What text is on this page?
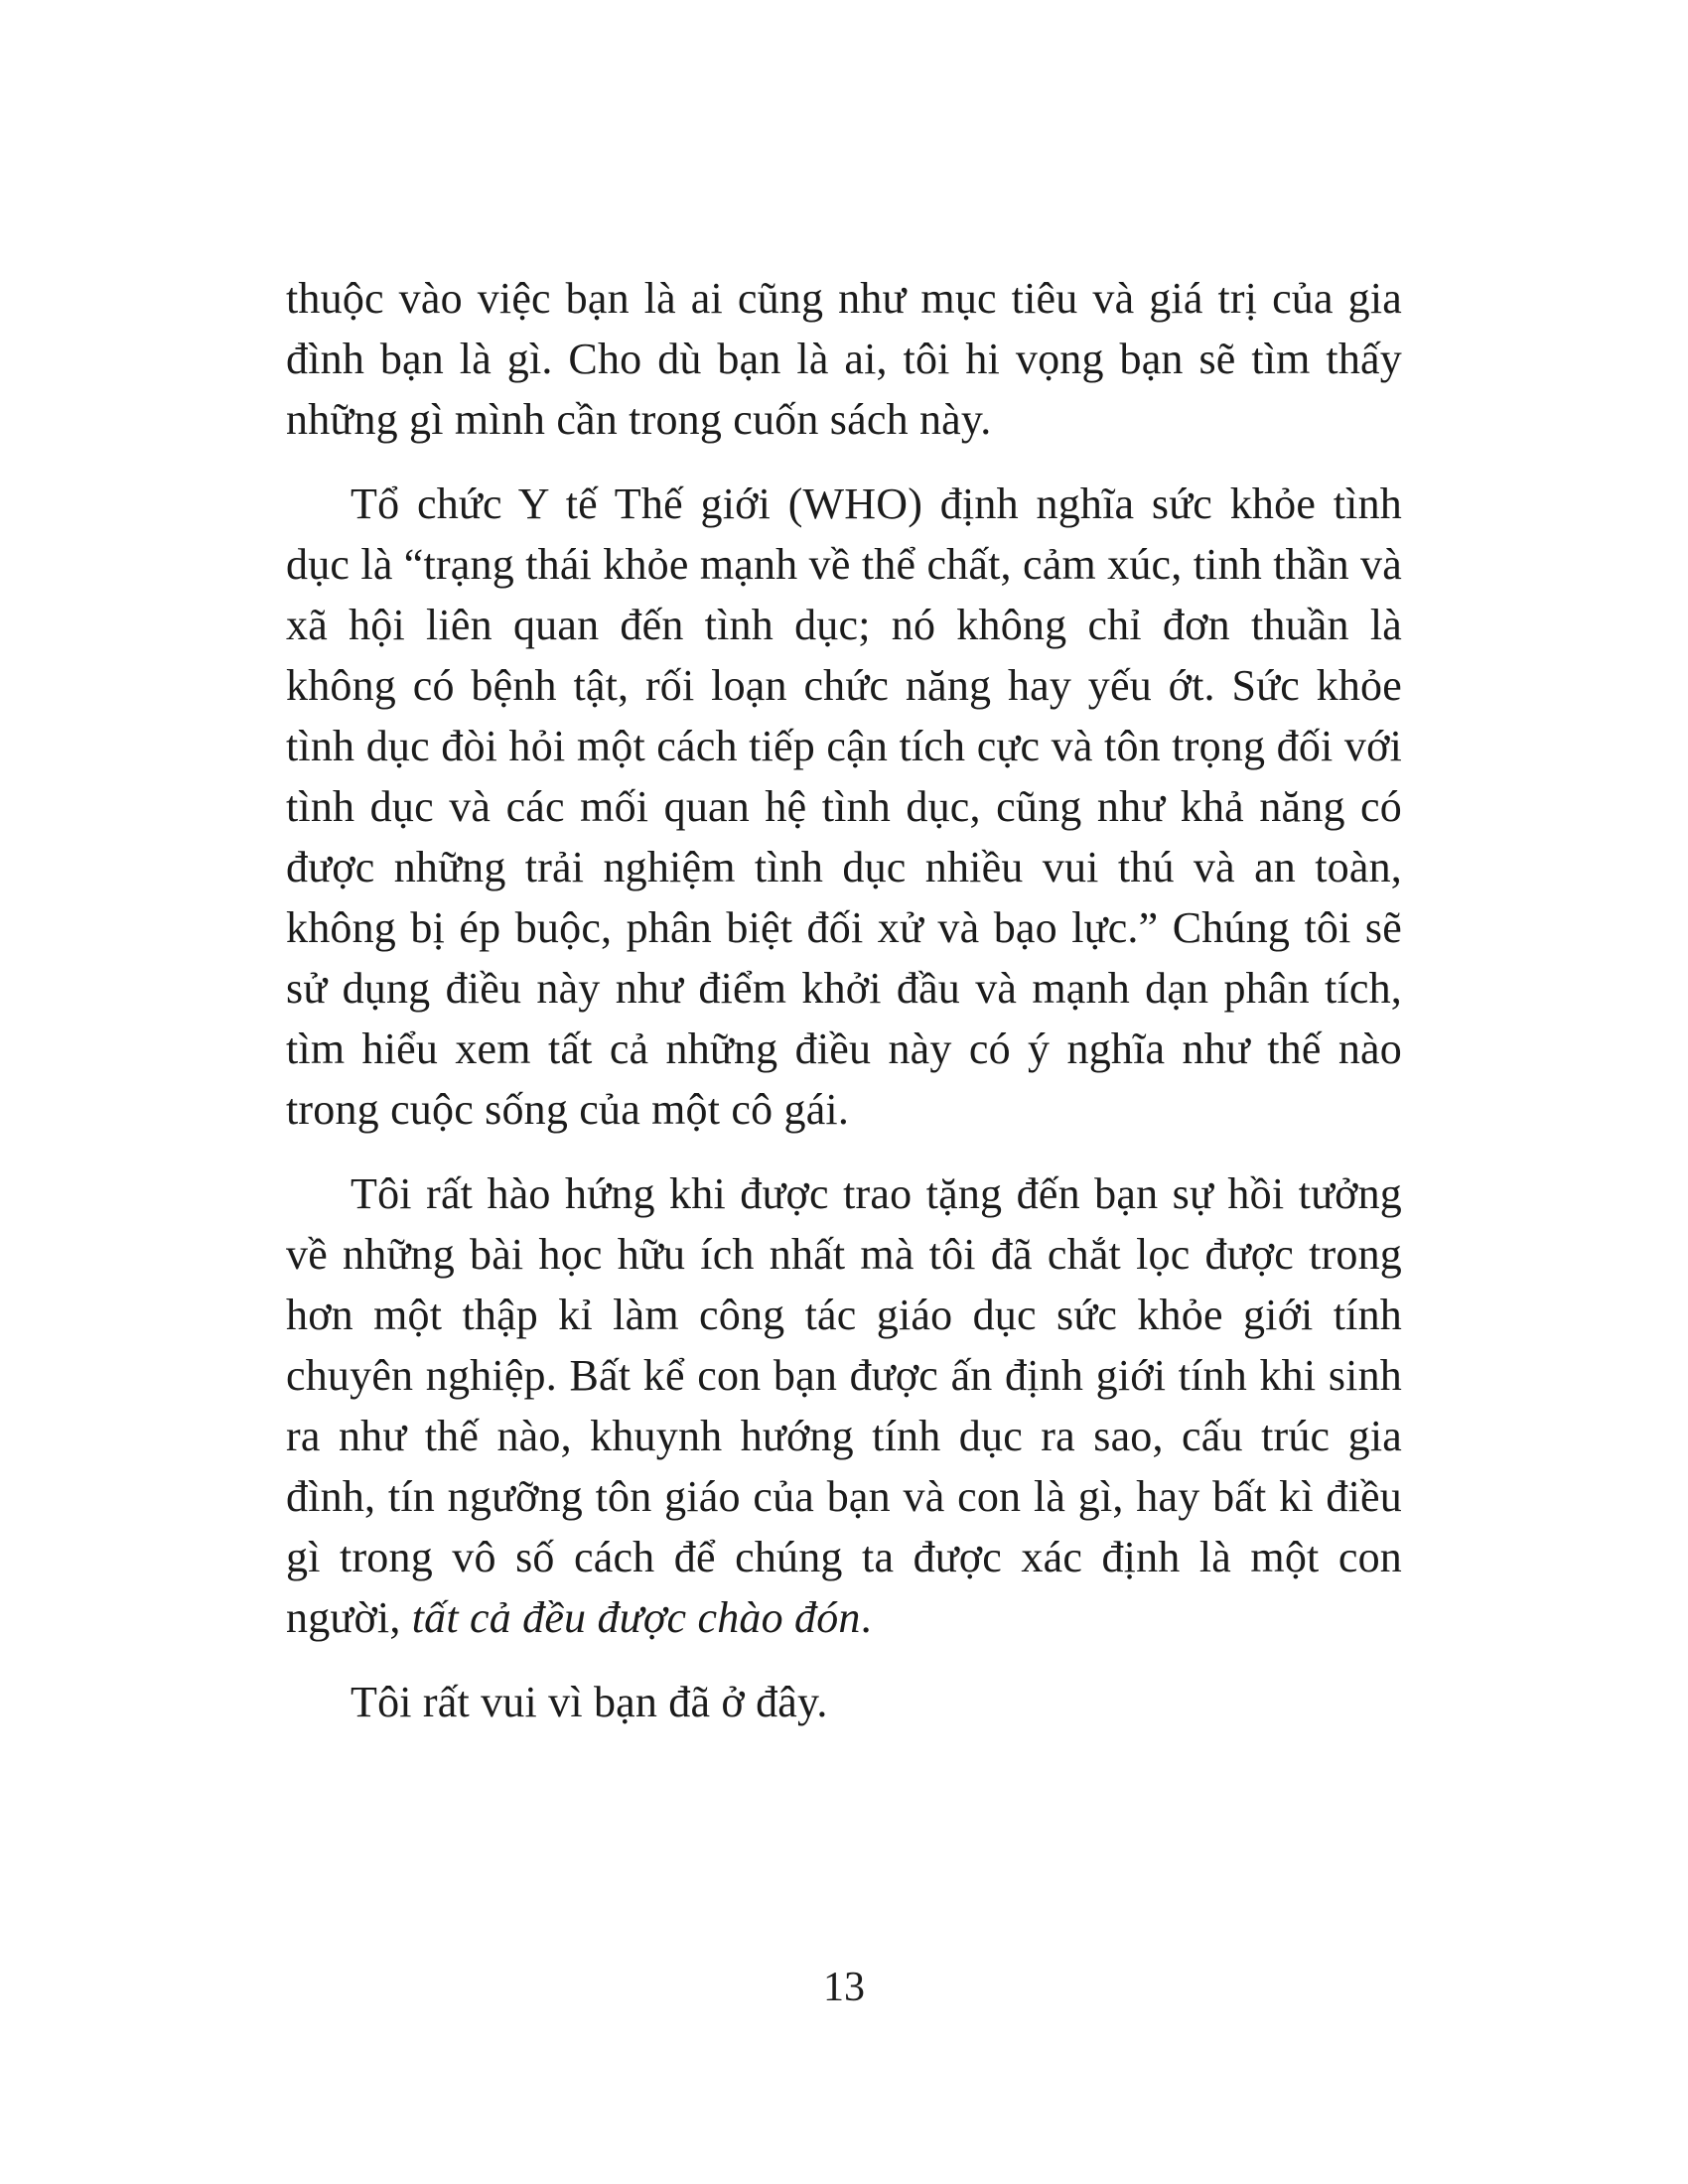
thuộc vào việc bạn là ai cũng như mục tiêu và giá trị của gia đình bạn là gì. Cho dù bạn là ai, tôi hi vọng bạn sẽ tìm thấy những gì mình cần trong cuốn sách này.

Tổ chức Y tế Thế giới (WHO) định nghĩa sức khỏe tình dục là “trạng thái khỏe mạnh về thể chất, cảm xúc, tinh thần và xã hội liên quan đến tình dục; nó không chỉ đơn thuần là không có bệnh tật, rối loạn chức năng hay yếu ớt. Sức khỏe tình dục đòi hỏi một cách tiếp cận tích cực và tôn trọng đối với tình dục và các mối quan hệ tình dục, cũng như khả năng có được những trải nghiệm tình dục nhiều vui thú và an toàn, không bị ép buộc, phân biệt đối xử và bạo lực.” Chúng tôi sẽ sử dụng điều này như điểm khởi đầu và mạnh dạn phân tích, tìm hiểu xem tất cả những điều này có ý nghĩa như thế nào trong cuộc sống của một cô gái.

Tôi rất hào hứng khi được trao tặng đến bạn sự hồi tưởng về những bài học hữu ích nhất mà tôi đã chắt lọc được trong hơn một thập kỉ làm công tác giáo dục sức khỏe giới tính chuyên nghiệp. Bất kể con bạn được ấn định giới tính khi sinh ra như thế nào, khuynh hướng tính dục ra sao, cấu trúc gia đình, tín ngưỡng tôn giáo của bạn và con là gì, hay bất kì điều gì trong vô số cách để chúng ta được xác định là một con người, tất cả đều được chào đón.

Tôi rất vui vì bạn đã ở đây.

13
